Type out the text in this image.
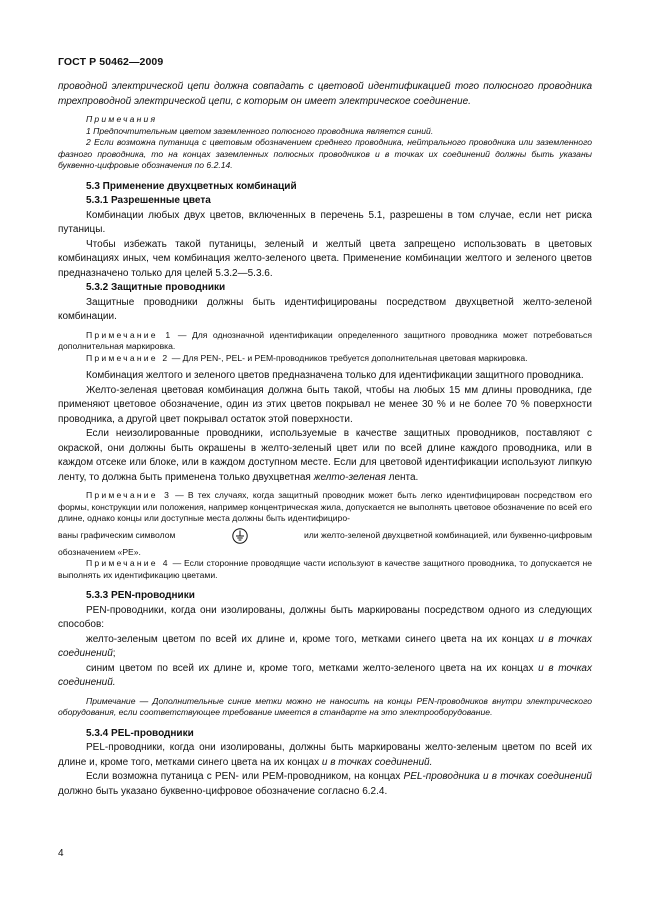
ГОСТ Р 50462—2009

проводной электрической цепи должна совпадать с цветовой идентификацией того полюсного проводника трехпроводной электрической цепи, с которым он имеет электрическое соединение.

Примечания

1 Предпочтительным цветом заземленного полюсного проводника является синий.

2 Если возможна путаница с цветовым обозначением среднего проводника, нейтрального проводника или заземленного фазного проводника, то на концах заземленных полюсных проводников и в точках их соединений должны быть указаны буквенно-цифровые обозначения по 6.2.14.

5.3 Применение двухцветных комбинаций

5.3.1 Разрешенные цвета

Комбинации любых двух цветов, включенных в перечень 5.1, разрешены в том случае, если нет риска путаницы.

Чтобы избежать такой путаницы, зеленый и желтый цвета запрещено использовать в цветовых комбинациях иных, чем комбинация желто-зеленого цвета. Применение комбинации желтого и зеленого цветов предназначено только для целей 5.3.2—5.3.6.

5.3.2 Защитные проводники

Защитные проводники должны быть идентифицированы посредством двухцветной желто-зеленой комбинации.

Примечание 1 — Для однозначной идентификации определенного защитного проводника может потребоваться дополнительная маркировка.

Примечание 2 — Для PEN-, PEL- и PEM-проводников требуется дополнительная цветовая маркировка.

Комбинация желтого и зеленого цветов предназначена только для идентификации защитного проводника.

Желто-зеленая цветовая комбинация должна быть такой, чтобы на любых 15 мм длины проводника, где применяют цветовое обозначение, один из этих цветов покрывал не менее 30 % и не более 70 % поверхности проводника, а другой цвет покрывал остаток этой поверхности.

Если неизолированные проводники, используемые в качестве защитных проводников, поставляют с окраской, они должны быть окрашены в желто-зеленый цвет или по всей длине каждого проводника, или в каждом отсеке или блоке, или в каждом доступном месте. Если для цветовой идентификации используют липкую ленту, то должна быть применена только двухцветная желто-зеленая лента.

Примечание 3 — В тех случаях, когда защитный проводник может быть легко идентифицирован посредством его формы, конструкции или положения, например концентрическая жила, допускается не выполнять цветовое обозначение по всей его длине, однако концы или доступные места должны быть идентифициро-

ваны графическим символом	или желто-зеленой двухцветной комбинацией, или буквенно-цифровым

обозначением «PE».

Примечание 4 — Если сторонние проводящие части используют в качестве защитного проводника, то допускается не выполнять их идентификацию цветами.

5.3.3 PEN-проводники

PEN-проводники, когда они изолированы, должны быть маркированы посредством одного из следующих способов:

желто-зеленым цветом по всей их длине и, кроме того, метками синего цвета на их концах и в точках соединений;

синим цветом по всей их длине и, кроме того, метками желто-зеленого цвета на их концах и в точках соединений.

Примечание — Дополнительные синие метки можно не наносить на концы PEN-проводников внутри электрического оборудования, если соответствующее требование имеется в стандарте на это электрооборудование.

5.3.4 PEL-проводники

PEL-проводники, когда они изолированы, должны быть маркированы желто-зеленым цветом по всей их длине и, кроме того, метками синего цвета на их концах и в точках соединений.

Если возможна путаница с PEN- или PEM-проводником, на концах PEL-проводника и в точках соединений должно быть указано буквенно-цифровое обозначение согласно 6.2.4.

4
